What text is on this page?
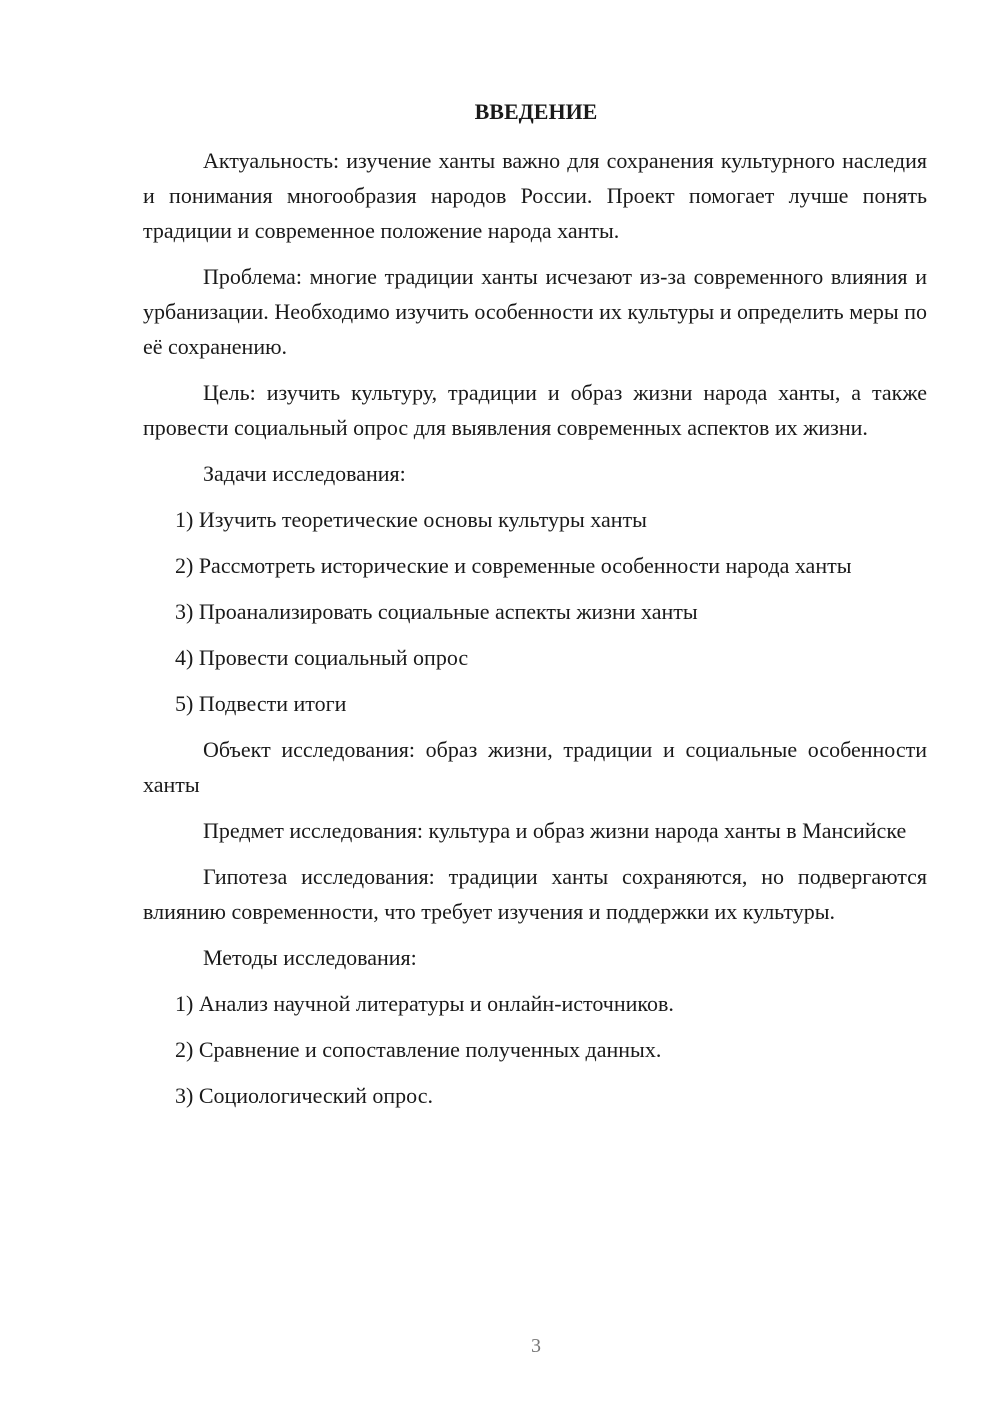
ВВЕДЕНИЕ

Актуальность: изучение ханты важно для сохранения культурного наследия и понимания многообразия народов России. Проект помогает лучше понять традиции и современное положение народа ханты.

Проблема: многие традиции ханты исчезают из-за современного влияния и урбанизации. Необходимо изучить особенности их культуры и определить меры по её сохранению.

Цель: изучить культуру, традиции и образ жизни народа ханты, а также провести социальный опрос для выявления современных аспектов их жизни.

Задачи исследования:

1) Изучить теоретические основы культуры ханты

2) Рассмотреть исторические и современные особенности народа ханты

3) Проанализировать социальные аспекты жизни ханты

4) Провести социальный опрос

5) Подвести итоги

Объект исследования: образ жизни, традиции и социальные особенности ханты

Предмет исследования: культура и образ жизни народа ханты в Мансийске

Гипотеза исследования: традиции ханты сохраняются, но подвергаются влиянию современности, что требует изучения и поддержки их культуры.

Методы исследования:

1) Анализ научной литературы и онлайн-источников.

2) Сравнение и сопоставление полученных данных.

3) Социологический опрос.

3
